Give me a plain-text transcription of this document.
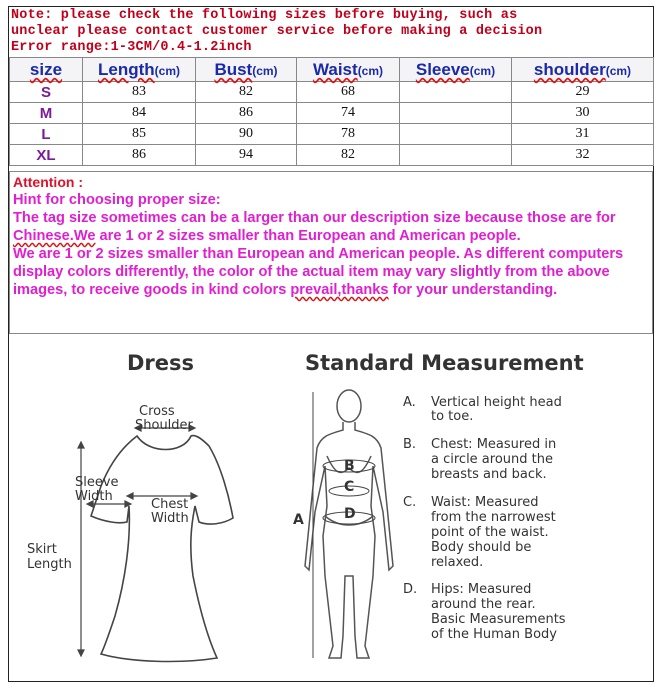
Note: please check the following sizes before buying, such as
unclear please contact customer service before making a decision
Error range:1-3CM/0.4-1.2inch
size	Length(cm)	Bust(cm)	Waist(cm)	Sleeve(cm)	shoulder(cm)
S	83	82	68		29
M	84	86	74		30
L	85	90	78		31
XL	86	94	82		32
Attention :

Hint for choosing proper size:

The tag size sometimes can be a larger than our description size because those are for Chinese.We are 1 or 2 sizes smaller than European and American people.

We are 1 or 2 sizes smaller than European and American people. As different computers display colors differently, the color of the actual item may vary slightly from the above images, to receive goods in kind colors prevail,thanks for your understanding.

Dress	Standard Measurement
Cross
Shoulder
Sleeve
Width
Chest
Width
Skirt
Length
A
B
C
D
A. Vertical height head
to toe.
B. Chest: Measured in
a circle around the
breasts and back.
C. Waist: Measured
from the narrowest
point of the waist.
Body should be
relaxed.
D. Hips: Measured
around the rear.
Basic Measurements
of the Human Body
